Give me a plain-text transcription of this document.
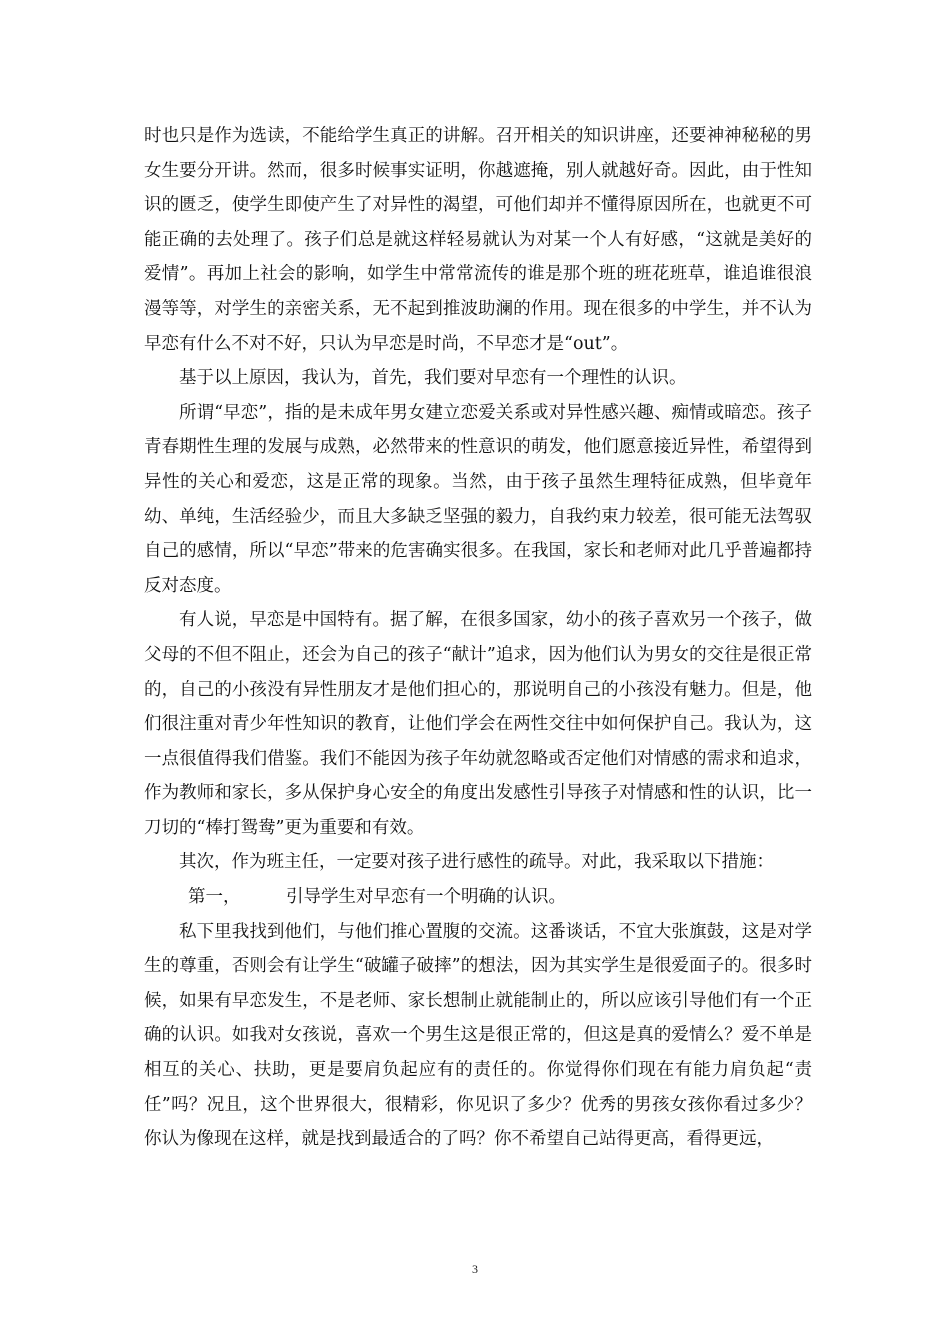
时也只是作为选读，不能给学生真正的讲解。召开相关的知识讲座，还要神神秘秘的男女生要分开讲。然而，很多时候事实证明，你越遮掩，别人就越好奇。因此，由于性知识的匮乏，使学生即使产生了对异性的渴望，可他们却并不懂得原因所在，也就更不可能正确的去处理了。孩子们总是就这样轻易就认为对某一个人有好感，“这就是美好的爱情”。再加上社会的影响，如学生中常常流传的谁是那个班的班花班草，谁追谁很浪漫等等，对学生的亲密关系，无不起到推波助澜的作用。现在很多的中学生，并不认为早恋有什么不对不好，只认为早恋是时尚，不早恋才是“out”。

基于以上原因，我认为，首先，我们要对早恋有一个理性的认识。

所谓“早恋”，指的是未成年男女建立恋爱关系或对异性感兴趣、痴情或暗恋。孩子青春期性生理的发展与成熟，必然带来的性意识的萌发，他们愿意接近异性，希望得到异性的关心和爱恋，这是正常的现象。当然，由于孩子虽然生理特征成熟，但毕竟年幼、单纯，生活经验少，而且大多缺乏坚强的毅力，自我约束力较差，很可能无法驾驭自己的感情，所以“早恋”带来的危害确实很多。在我国，家长和老师对此几乎普遍都持反对态度。

有人说，早恋是中国特有。据了解，在很多国家，幼小的孩子喜欢另一个孩子，做父母的不但不阻止，还会为自己的孩子“献计”追求，因为他们认为男女的交往是很正常的，自己的小孩没有异性朋友才是他们担心的，那说明自己的小孩没有魅力。但是，他们很注重对青少年性知识的教育，让他们学会在两性交往中如何保护自己。我认为，这一点很值得我们借鉴。我们不能因为孩子年幼就忽略或否定他们对情感的需求和追求，作为教师和家长，多从保护身心安全的角度出发感性引导孩子对情感和性的认识，比一刀切的“棒打鸳鸯”更为重要和有效。

其次，作为班主任，一定要对孩子进行感性的疏导。对此，我采取以下措施：

第一，	引导学生对早恋有一个明确的认识。

私下里我找到他们，与他们推心置腹的交流。这番谈话，不宜大张旗鼓，这是对学生的尊重，否则会有让学生“破罐子破摔”的想法，因为其实学生是很爱面子的。很多时候，如果有早恋发生，不是老师、家长想制止就能制止的，所以应该引导他们有一个正确的认识。如我对女孩说，喜欢一个男生这是很正常的，但这是真的爱情么？爱不单是相互的关心、扶助，更是要肩负起应有的责任的。你觉得你们现在有能力肩负起“责任”吗？况且，这个世界很大，很精彩，你见识了多少？优秀的男孩女孩你看过多少？你认为像现在这样，就是找到最适合的了吗？你不希望自己站得更高，看得更远，

3
